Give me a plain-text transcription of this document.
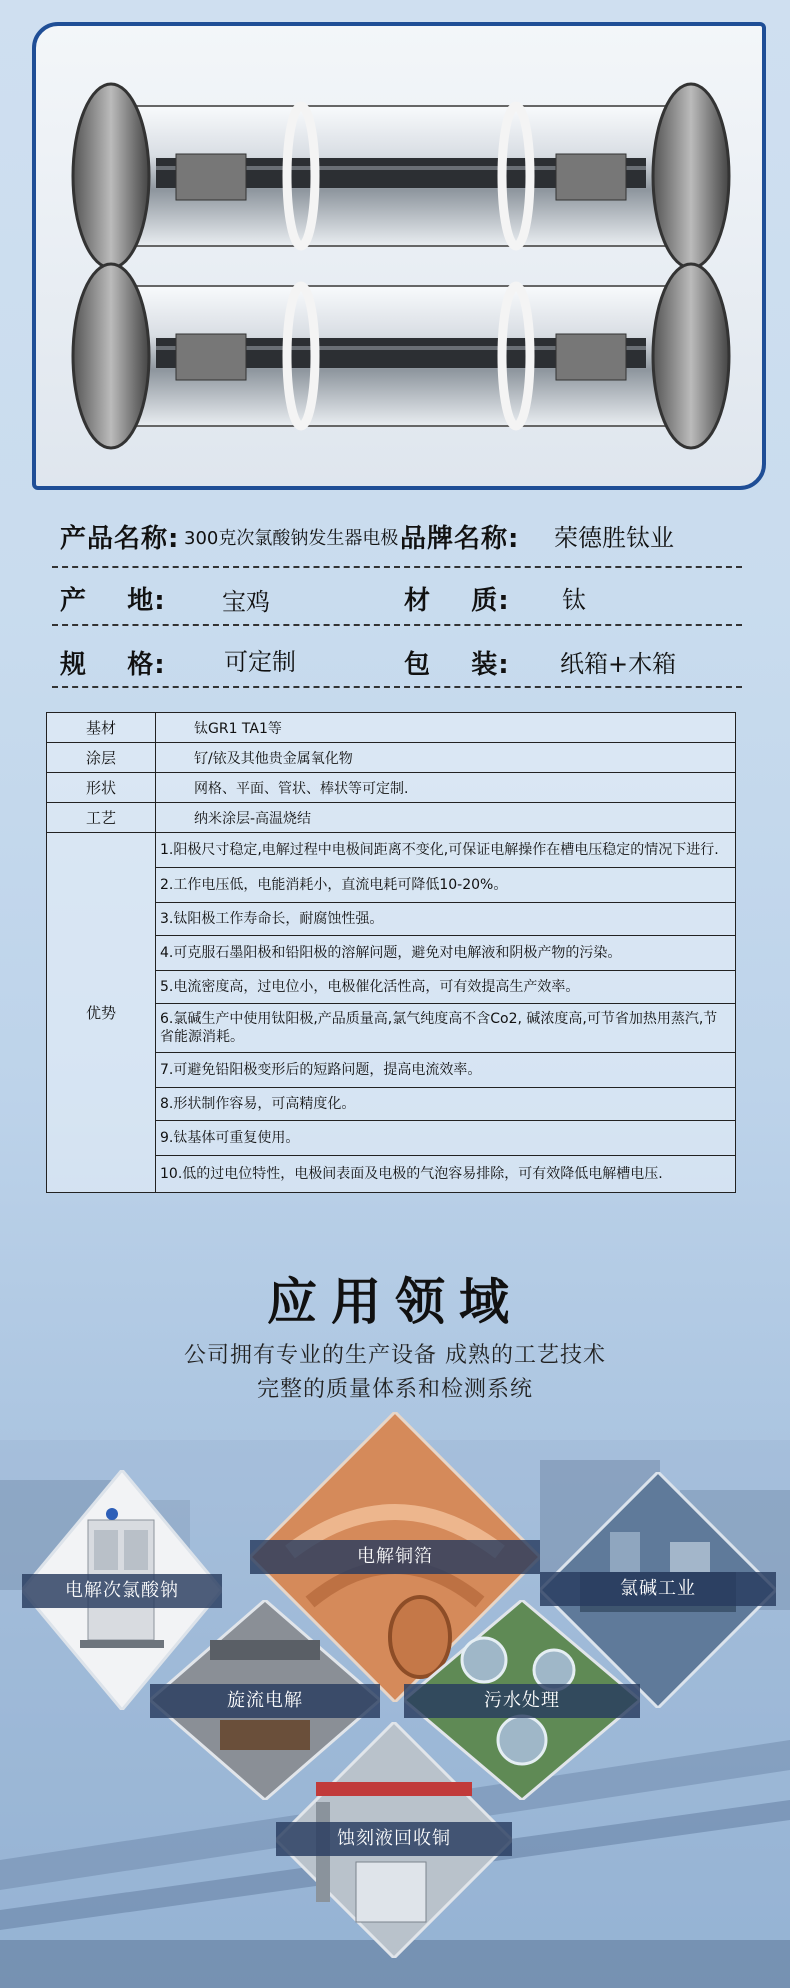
产品名称: 300克次氯酸钠发生器电极 品牌名称: 荣德胜钛业
产    地: 宝鸡	材    质: 钛
规    格: 可定制	包    装: 纸箱+木箱
基材	钛GR1 TA1等
涂层	钌/铱及其他贵金属氧化物
形状	网格、平面、管状、棒状等可定制.
工艺	纳米涂层-高温烧结
优势	1.阳极尺寸稳定,电解过程中电极间距离不变化,可保证电解操作在槽电压稳定的情况下进行.
	2.工作电压低，电能消耗小，直流电耗可降低10-20%。
	3.钛阳极工作寿命长，耐腐蚀性强。
	4.可克服石墨阳极和铅阳极的溶解问题，避免对电解液和阴极产物的污染。
	5.电流密度高，过电位小，电极催化活性高，可有效提高生产效率。
	6.氯碱生产中使用钛阳极,产品质量高,氯气纯度高不含Co2, 碱浓度高,可节省加热用蒸汽,节省能源消耗。
	7.可避免铅阳极变形后的短路问题，提高电流效率。
	8.形状制作容易，可高精度化。
	9.钛基体可重复使用。
	10.低的过电位特性，电极间表面及电极的气泡容易排除，可有效降低电解槽电压.
应用领域
公司拥有专业的生产设备 成熟的工艺技术
完整的质量体系和检测系统
电解次氯酸钠
电解铜箔
氯碱工业
旋流电解	污水处理
蚀刻液回收铜
